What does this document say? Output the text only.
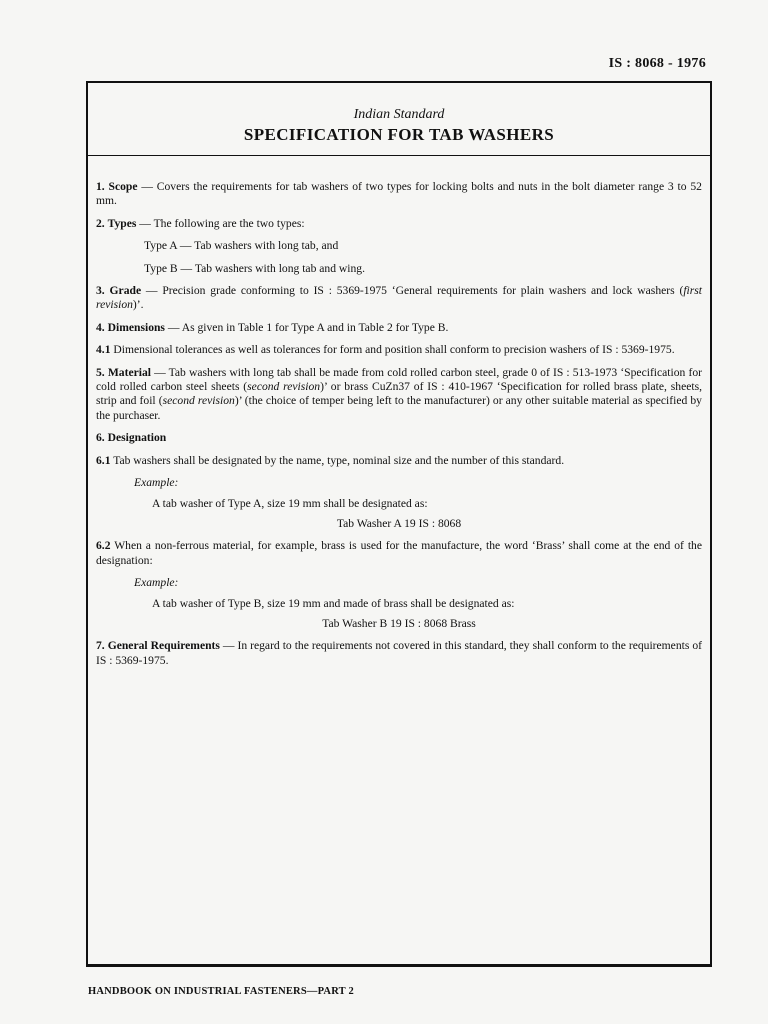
IS : 8068 - 1976
Indian Standard
SPECIFICATION FOR TAB WASHERS

1. Scope — Covers the requirements for tab washers of two types for locking bolts and nuts in the bolt diameter range 3 to 52 mm.

2. Types — The following are the two types:

Type A — Tab washers with long tab, and

Type B — Tab washers with long tab and wing.

3. Grade — Precision grade conforming to IS : 5369-1975 ‘General requirements for plain washers and lock washers (first revision)’.

4. Dimensions — As given in Table 1 for Type A and in Table 2 for Type B.

4.1 Dimensional tolerances as well as tolerances for form and position shall conform to precision washers of IS : 5369-1975.

5. Material — Tab washers with long tab shall be made from cold rolled carbon steel, grade 0 of IS : 513-1973 ‘Specification for cold rolled carbon steel sheets (second revision)’ or brass CuZn37 of IS : 410-1967 ‘Specification for rolled brass plate, sheets, strip and foil (second revision)’ (the choice of temper being left to the manufacturer) or any other suitable material as specified by the purchaser.

6. Designation

6.1 Tab washers shall be designated by the name, type, nominal size and the number of this standard.

Example:

A tab washer of Type A, size 19 mm shall be designated as:

Tab Washer A 19 IS : 8068

6.2 When a non-ferrous material, for example, brass is used for the manufacture, the word ‘Brass’ shall come at the end of the designation:

Example:

A tab washer of Type B, size 19 mm and made of brass shall be designated as:

Tab Washer B 19 IS : 8068 Brass

7. General Requirements — In regard to the requirements not covered in this standard, they shall conform to the requirements of IS : 5369-1975.

HANDBOOK ON INDUSTRIAL FASTENERS—PART 2
